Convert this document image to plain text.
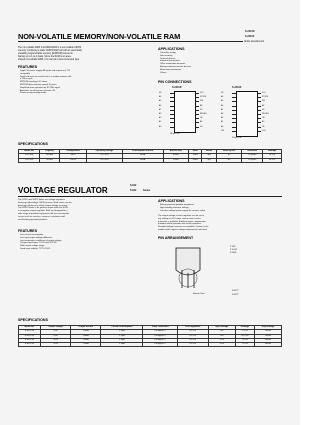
NON-VOLATILE MEMORY/NON-VOLATILE RAM
S-2210R
S-2211R
Under development
The non-volatile RAM S-2210R/2211R is a non-volatile CMOS
memory combining a static CMOS RAM cell with an electrically
erasable programmable memory (E²PROM) cell as its
backup on a 1-to-1 basis. Since the RAM is an area-
shared non-volatile RAM, it is used as a bus-connected type.
FEATURES
Single 5V power supply. All inputs and outputs are TTL
compatible
Read and write are carried out in a random manner with
a 120ns cycle
E²PROM rewritings 10⁴ times
E²PROM data retention period 10 years
Simplified store operation by STORE signal
Automatic recall function at power ON
Power-saving standby mode
APPLICATIONS
Controller setting
Data memory
Terminal devices
Industrial instruments
Office automation terminals
Battery maintenance-free devices
Measuring instruments
Others
PIN CONNECTIONS
S-2210R
NC	VCC
A4	STORE
A5	WE
A6	A8
A7	NC
A3	RECALL
A2	OE
A1	A9
A0	CE
18-pin DIP
S-2211R
NC	VCC
A4	STORE
A5	WE
A6	A8
A7	NC
A3	RECALL
A2	OE
A1	A9
A0	CE
I/O1	I/O4
20-pin DIP
SPECIFICATIONS
Model No.	Capacity	Configuration	Operating voltage	Consumption current	Access time	Store	Recall	Store cycles	Retention	Package
S-2210R	256 bits	64×4	5V ±10%	50mA	300ns	10ms	5μs	10⁴	10 years	18 DIP
S-2211R	1K bits	256×4	5V ±10%	50mA	250ns	10ms	5μs	10⁴	10 years	20 DIP
VOLTAGE REGULATOR
S-812
S-822	Series
The S-812 and S-822 Series are voltage regulators
featuring high-voltage CMOS process. Both series use the
band gap reference to obtain output voltage accuracy.
The S-812 Series is for positive output while the S-822
is a negative output regulator. Both are designed for a
wide range of portable equipment with low consumption
current such as watches, cameras, calculators and
small battery-operated products.
APPLICATIONS
Battery-powered portable equipment
High-stability reference voltage
Constant voltage power supply for camera, video
The output voltage of each regulator can be set to
any voltage in 0.1V steps, and an over-current
protection is available. A built-in phase compensator
provides stable operation with small capacitors.
Standard voltage versions are available. Contact us for
models which require voltage requirements not listed.
FEATURES
Low current consumption
Low input-output voltage difference
Low temperature coefficient of output voltage
Compact packages: TO-92 and SOT-89
Wide output voltage range
Good input stability: TYP 0.1%/V
PIN ARRANGEMENT
1 VIN
2 VOUT
3 GND
Bottom View
S-812**
S-822**
SPECIFICATIONS
Model No.	Output voltage	Output current	Current consumption	Temp. coefficient	Line regulation	Input voltage	Package	Drop voltage
S-812C30	3.0V	25mA	1.5μA	±100ppm/°C	0.1%/V	16V	TO-92	130mV
S-812C50	5.0V	30mA	1.5μA	±100ppm/°C	0.1%/V	16V	SOT-89	150mV
S-822C30	-3.0V	20mA	1.5μA	±100ppm/°C	0.1%/V	-16V	TO-92	200mV
S-822C50	-5.0V	25mA	1.5μA	±100ppm/°C	0.1%/V	-16V	TO-92	200mV
